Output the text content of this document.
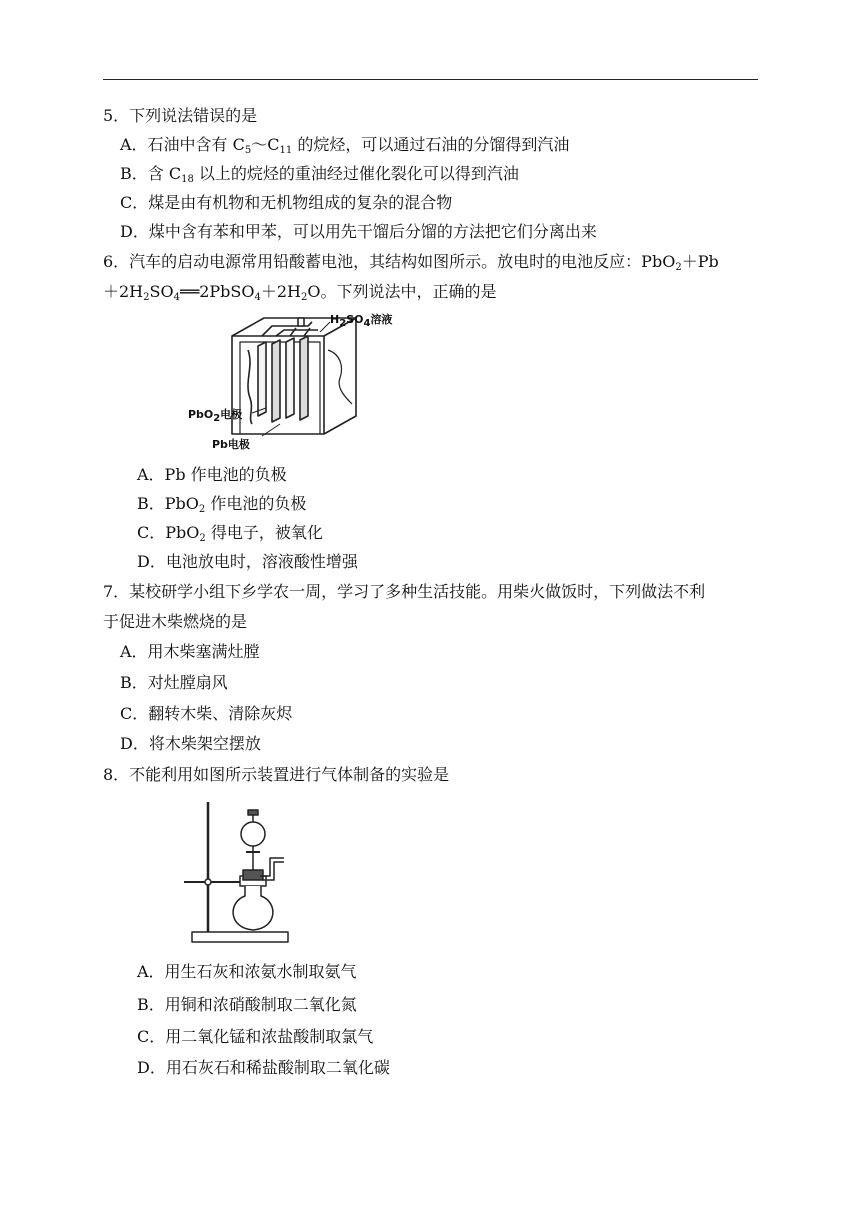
5．下列说法错误的是
A．石油中含有 $C_5\sim C_{11}$ 的烷烃，可以通过石油的分馏得到汽油
B．含 $C_{18}$ 以上的烷烃的重油经过催化裂化可以得到汽油
C．煤是由有机物和无机物组成的复杂的混合物
D．煤中含有苯和甲苯，可以用先干馏后分馏的方法把它们分离出来
6．汽车的启动电源常用铅酸蓄电池，其结构如图所示。放电时的电池反应：PbO$_2$＋Pb
$+2H_2SO_4══2PbSO_4+2H_2O$。下列说法中，正确的是
$H_2SO_4$溶液
PbO$_2$电极
Pb电极
A．Pb 作电池的负极
B．PbO$_2$ 作电池的负极
C．PbO$_2$ 得电子，被氧化
D．电池放电时，溶液酸性增强
7．某校研学小组下乡学农一周，学习了多种生活技能。用柴火做饭时，下列做法不利
于促进木柴燃烧的是
A．用木柴塞满灶膛
B．对灶膛扇风
C．翻转木柴、清除灰烬
D．将木柴架空摆放
8．不能利用如图所示装置进行气体制备的实验是
A．用生石灰和浓氨水制取氨气
B．用铜和浓硝酸制取二氧化氮
C．用二氧化锰和浓盐酸制取氯气
D．用石灰石和稀盐酸制取二氧化碳
